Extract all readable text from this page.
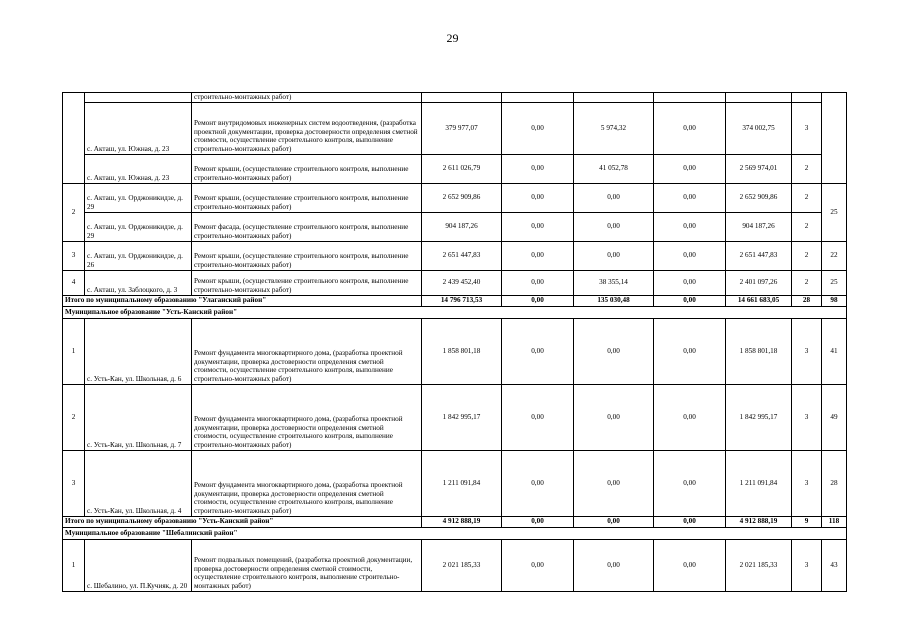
29
		строительно-монтажных работ)							
	с. Акташ, ул. Южная, д. 23	Ремонт внутридомовых инженерных систем водоотведения, (разработка проектной документации, проверка достоверности определения сметной стоимости, осуществление строительного контроля, выполнение строительно-монтажных работ)	379 977,07	0,00	5 974,32	0,00	374 002,75	3	
	с. Акташ, ул. Южная, д. 23	Ремонт крыши, (осуществление строительного контроля, выполнение строительно-монтажных работ)	2 611 026,79	0,00	41 052,78	0,00	2 569 974,01	2	
2	с. Акташ, ул. Орджоникидзе, д. 29	Ремонт крыши, (осуществление строительного контроля, выполнение строительно-монтажных работ)	2 652 909,86	0,00	0,00	0,00	2 652 909,86	2	25
	с. Акташ, ул. Орджоникидзе, д. 29	Ремонт фасада, (осуществление строительного контроля, выполнение строительно-монтажных работ)	904 187,26	0,00	0,00	0,00	904 187,26	2	
3	с. Акташ, ул. Орджоникидзе, д. 26	Ремонт крыши, (осуществление строительного контроля, выполнение строительно-монтажных работ)	2 651 447,83	0,00	0,00	0,00	2 651 447,83	2	22
4	с. Акташ, ул. Заблоцкого, д. 3	Ремонт крыши, (осуществление строительного контроля, выполнение строительно-монтажных работ)	2 439 452,40	0,00	38 355,14	0,00	2 401 097,26	2	25
Итого по муниципальному образованию "Улаганский район"			14 796 713,53	0,00	135 030,48	0,00	14 661 683,05	28	98
Муниципальное образование "Усть-Канский район"									
1	с. Усть-Кан, ул. Школьная, д. 6	Ремонт фундамента многоквартирного дома, (разработка проектной документации, проверка достоверности определения сметной стоимости, осуществление строительного контроля, выполнение строительно-монтажных работ)	1 858 801,18	0,00	0,00	0,00	1 858 801,18	3	41
2	с. Усть-Кан, ул. Школьная, д. 7	Ремонт фундамента многоквартирного дома, (разработка проектной документации, проверка достоверности определения сметной стоимости, осуществление строительного контроля, выполнение строительно-монтажных работ)	1 842 995,17	0,00	0,00	0,00	1 842 995,17	3	49
3	с. Усть-Кан, ул. Школьная, д. 4	Ремонт фундамента многоквартирного дома, (разработка проектной документации, проверка достоверности определения сметной стоимости, осуществление строительного контроля, выполнение строительно-монтажных работ)	1 211 091,84	0,00	0,00	0,00	1 211 091,84	3	28
Итого по муниципальному образованию "Усть-Канский район"			4 912 888,19	0,00	0,00	0,00	4 912 888,19	9	118
Муниципальное образование "Шебалинский район"									
1	с. Шебалино, ул. П.Кучияк, д. 20	Ремонт подвальных помещений, (разработка проектной документации, проверка достоверности определения сметной стоимости, осуществление строительного контроля, выполнение строительно-монтажных работ)	2 021 185,33	0,00	0,00	0,00	2 021 185,33	3	43
